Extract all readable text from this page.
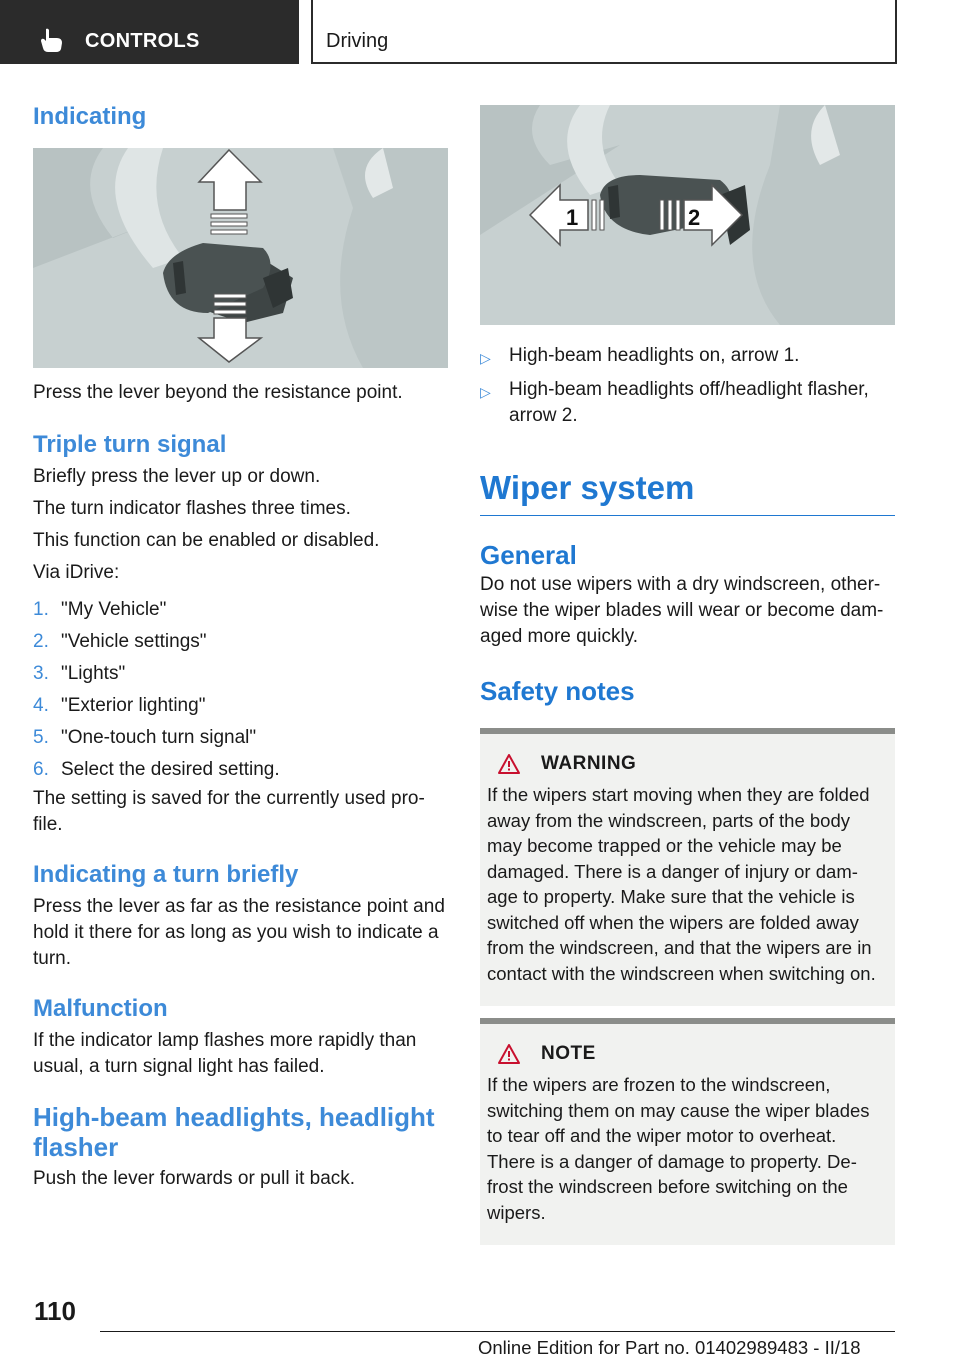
CONTROLS	Driving
Indicating

Press the lever beyond the resistance point.

Triple turn signal

Briefly press the lever up or down.

The turn indicator flashes three times.

This function can be enabled or disabled.

Via iDrive:

1. "My Vehicle"
2. "Vehicle settings"
3. "Lights"
4. "Exterior lighting"
5. "One-touch turn signal"
6. Select the desired setting.

The setting is saved for the currently used pro‐file.

Indicating a turn briefly

Press the lever as far as the resistance point and hold it there for as long as you wish to indicate a turn.

Malfunction

If the indicator lamp flashes more rapidly than usual, a turn signal light has failed.

High-beam headlights, headlight flasher

Push the lever forwards or pull it back.

1	2
▷ High-beam headlights on, arrow 1.
▷ High-beam headlights off/headlight flasher, arrow 2.
Wiper system
General

Do not use wipers with a dry windscreen, other‐wise the wiper blades will wear or become dam‐aged more quickly.

Safety notes
WARNING

If the wipers start moving when they are folded away from the windscreen, parts of the body may become trapped or the vehicle may be damaged. There is a danger of injury or dam‐age to property. Make sure that the vehicle is switched off when the wipers are folded away from the windscreen, and that the wipers are in contact with the windscreen when switching on.

NOTE

If the wipers are frozen to the windscreen, switching them on may cause the wiper blades to tear off and the wiper motor to overheat. There is a danger of damage to property. De‐frost the windscreen before switching on the wipers.

110
Online Edition for Part no. 01402989483 - II/18
